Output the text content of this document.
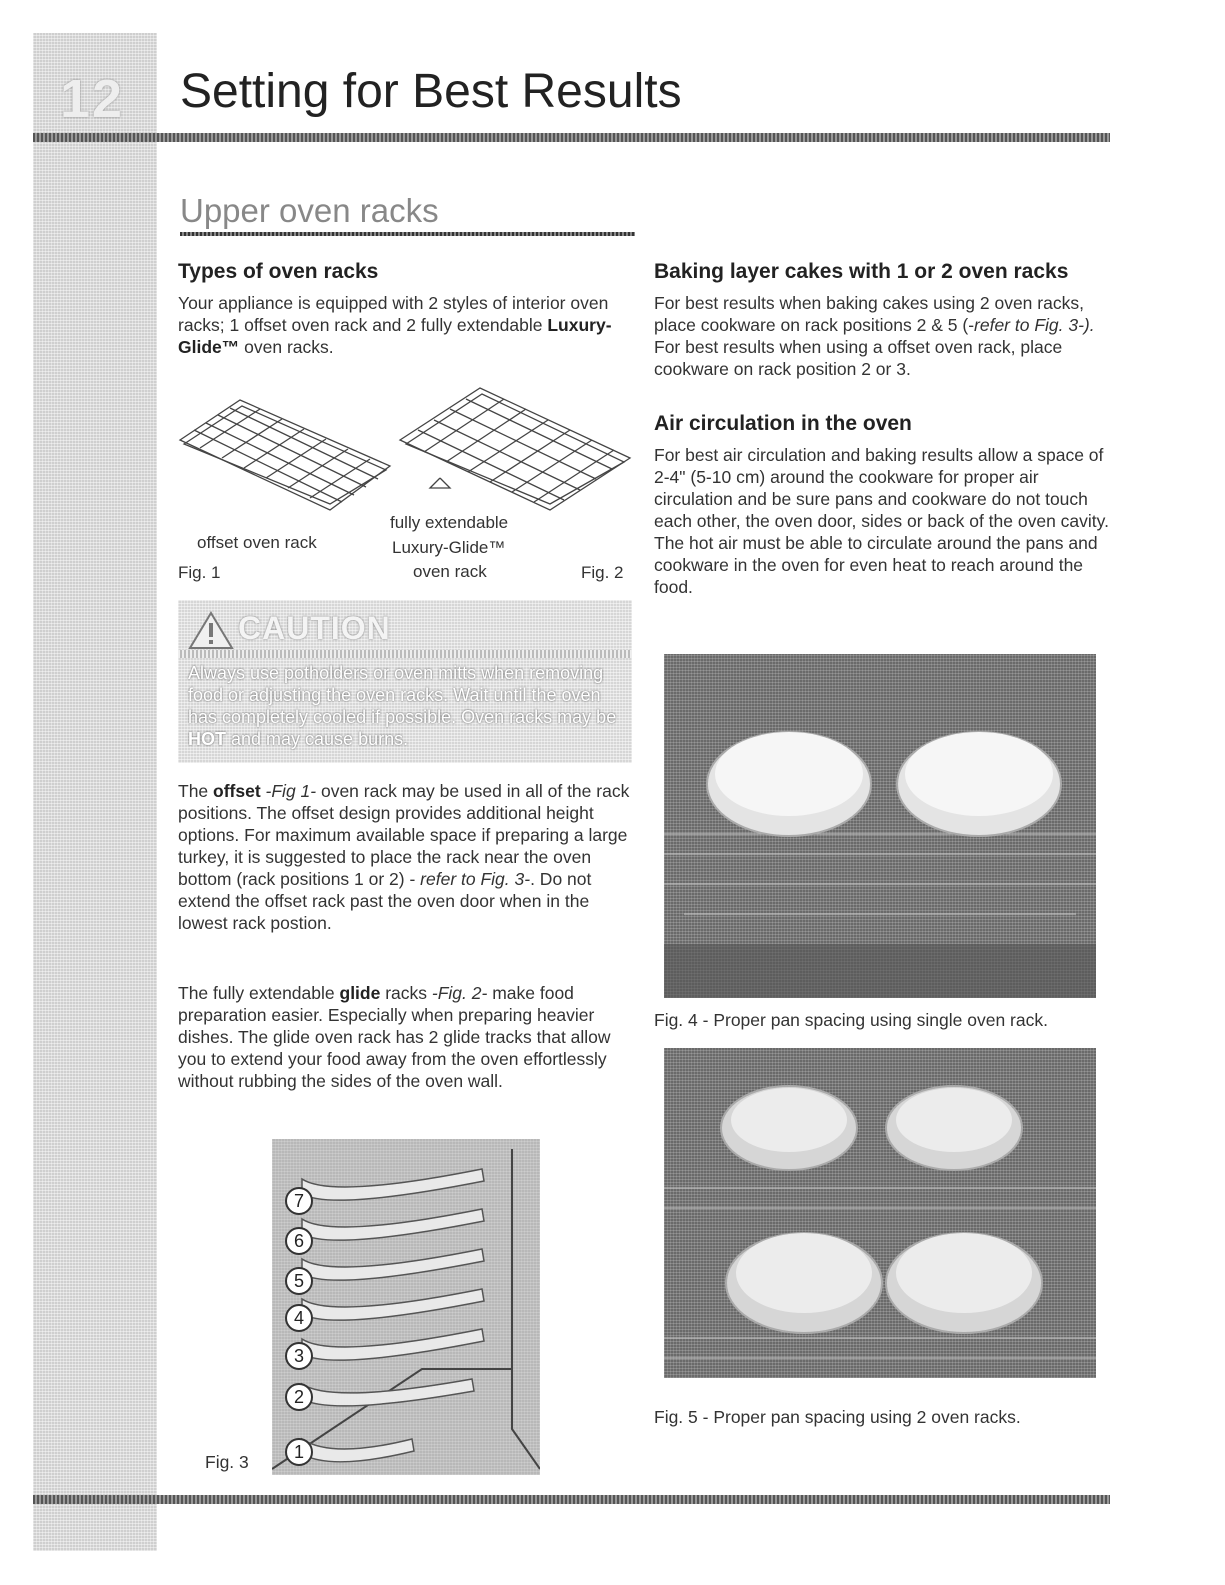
12 Setting for Best Results
Upper oven racks
Types of oven racks

Your appliance is equipped with 2 styles of interior oven racks; 1 offset oven rack and 2 fully extendable Luxury-Glide™ oven racks.

offset oven rack
Fig. 1
fully extendable
Luxury-Glide™
oven rack	Fig. 2
CAUTION
Always use potholders or oven mitts when removing food or adjusting the oven racks. Wait until the oven has completely cooled if possible. Oven racks may be HOT and may cause burns.

The offset -Fig 1- oven rack may be used in all of the rack positions. The offset design provides additional height options. For maximum available space if preparing a large turkey, it is suggested to place the rack near the oven bottom (rack positions 1 or 2) - refer to Fig. 3-. Do not extend the offset rack past the oven door when in the lowest rack postion.

The fully extendable glide racks -Fig. 2- make food preparation easier. Especially when preparing heavier dishes. The glide oven rack has 2 glide tracks that allow you to extend your food away from the oven effortlessly without rubbing the sides of the oven wall.

7
6
5
4
3
2
1
Fig. 3
Baking layer cakes with 1 or 2 oven racks

For best results when baking cakes using 2 oven racks, place cookware on rack positions 2 & 5 (-refer to Fig. 3-). For best results when using a offset oven rack, place cookware on rack position 2 or 3.

Air circulation in the oven

For best air circulation and baking results allow a space of 2-4" (5-10 cm) around the cookware for proper air circulation and be sure pans and cookware do not touch each other, the oven door, sides or back of the oven cavity. The hot air must be able to circulate around the pans and cookware in the oven for even heat to reach around the food.

Fig. 4 - Proper pan spacing using single oven rack.
Fig. 5 - Proper pan spacing using 2 oven racks.
